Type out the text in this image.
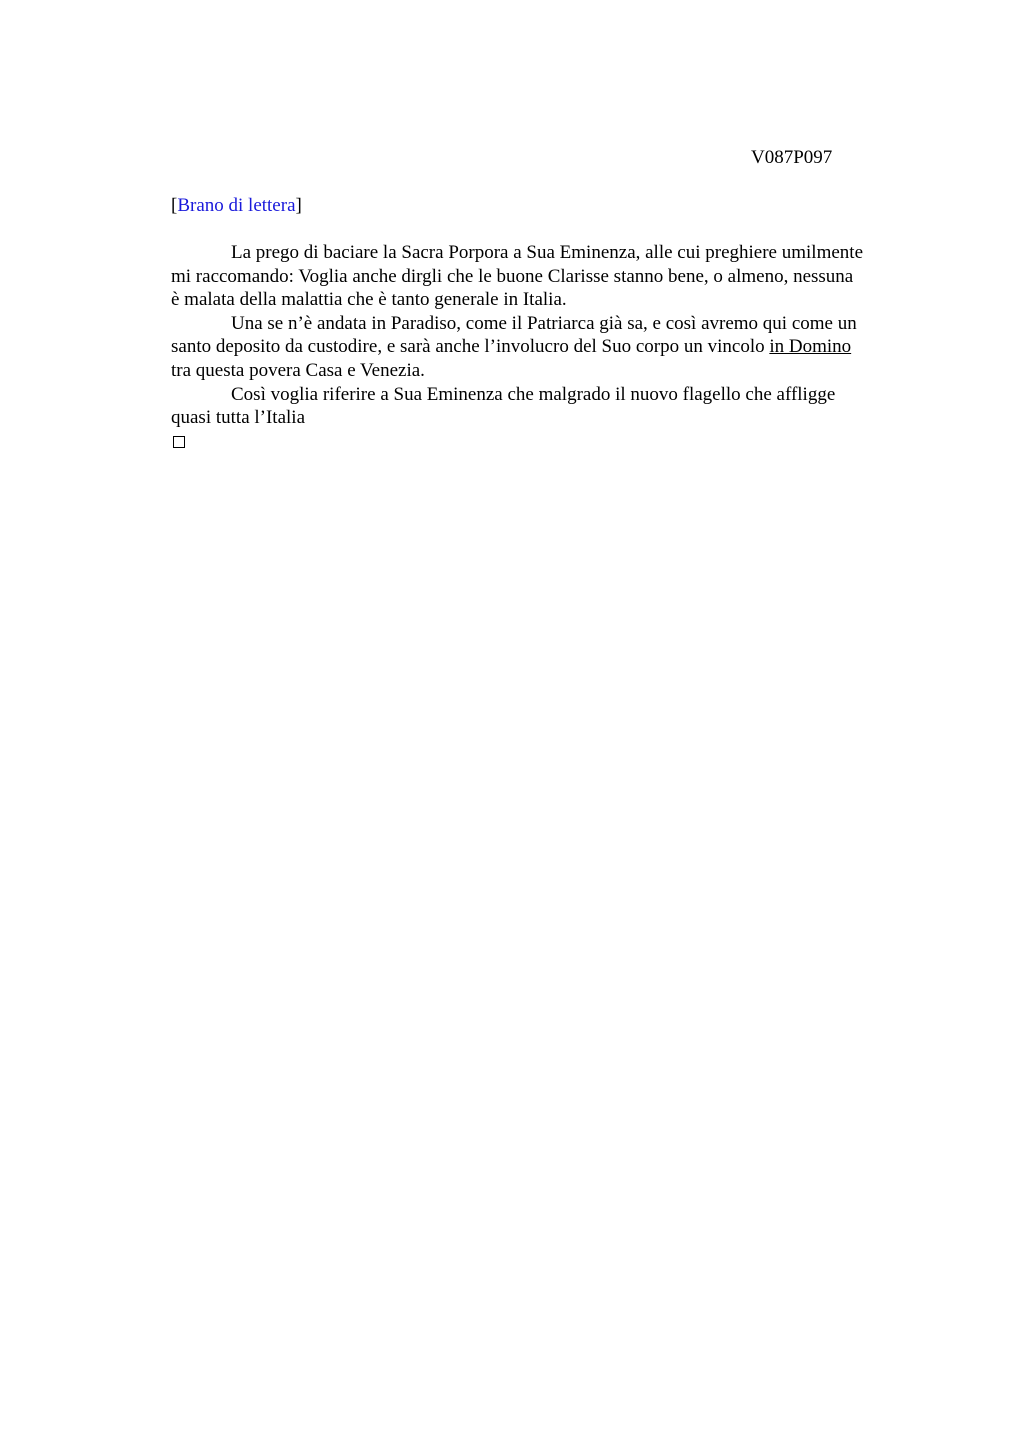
V087P097
[Brano di lettera]
La prego di baciare la Sacra Porpora a Sua Eminenza, alle cui preghiere umilmente
mi raccomando: Voglia anche dirgli che le buone Clarisse stanno bene, o almeno, nessuna
è malata della malattia che è tanto generale in Italia.
Una se n’è andata in Paradiso, come il Patriarca già sa, e così avremo qui come un
santo deposito da custodire, e sarà anche l’involucro del Suo corpo un vincolo in Domino
tra questa povera Casa e Venezia.
Così voglia riferire a Sua Eminenza che malgrado il nuovo flagello che affligge
quasi tutta l’Italia
